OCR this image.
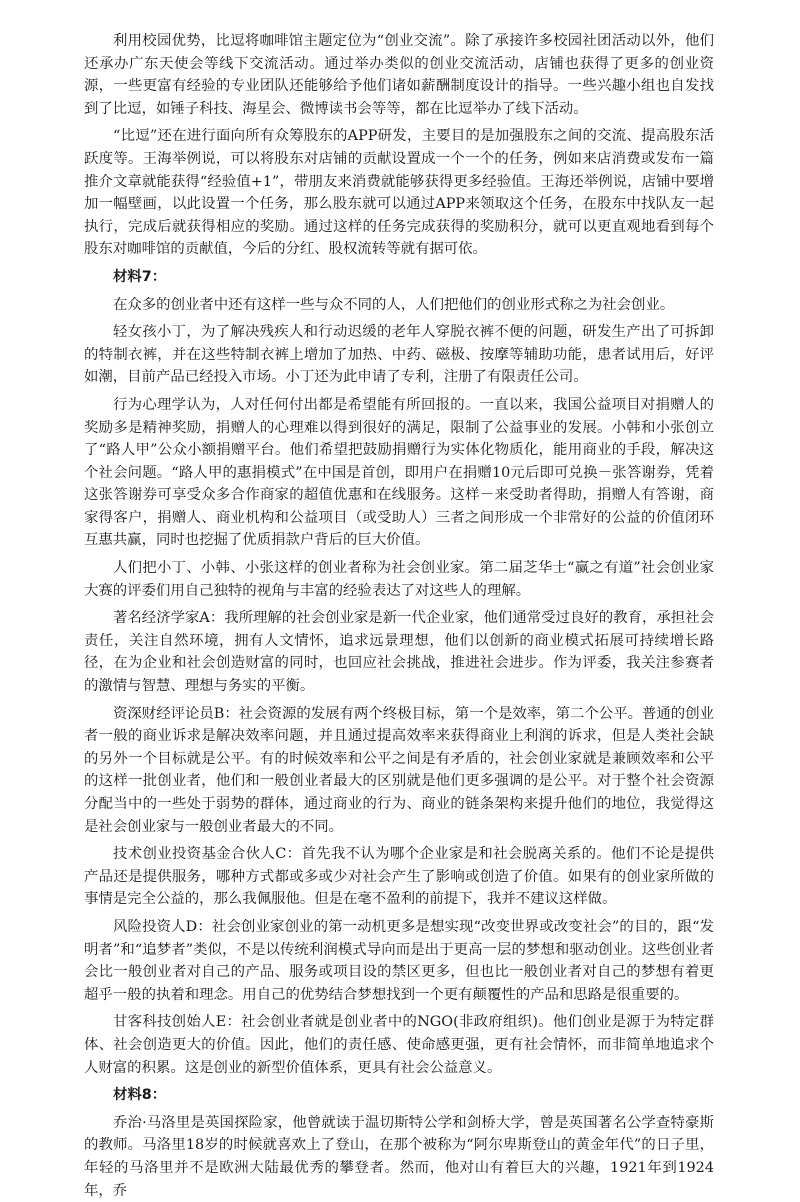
利用校园优势，比逗将咖啡馆主题定位为“创业交流”。除了承接许多校园社团活动以外，他们还承办广东天使会等线下交流活动。通过举办类似的创业交流活动，店铺也获得了更多的创业资源，一些更富有经验的专业团队还能够给予他们诸如薪酬制度设计的指导。一些兴趣小组也自发找到了比逗，如锤子科技、海星会、微博读书会等等，都在比逗举办了线下活动。

“比逗”还在进行面向所有众筹股东的APP研发，主要目的是加强股东之间的交流、提高股东活跃度等。王海举例说，可以将股东对店铺的贡献设置成一个一个的任务，例如来店消费或发布一篇推介文章就能获得“经验值+1”，带朋友来消费就能够获得更多经验值。王海还举例说，店铺中要增加一幅壁画，以此设置一个任务，那么股东就可以通过APP来领取这个任务，在股东中找队友一起执行，完成后就获得相应的奖励。通过这样的任务完成获得的奖励积分，就可以更直观地看到每个股东对咖啡馆的贡献值，今后的分红、股权流转等就有据可依。

材料7：

在众多的创业者中还有这样一些与众不同的人，人们把他们的创业形式称之为社会创业。

轻女孩小丁，为了解决残疾人和行动迟缓的老年人穿脱衣裤不便的问题，研发生产出了可拆卸的特制衣裤，并在这些特制衣裤上增加了加热、中药、磁极、按摩等辅助功能，患者试用后，好评如潮，目前产品已经投入市场。小丁还为此申请了专利，注册了有限责任公司。

行为心理学认为，人对任何付出都是希望能有所回报的。一直以来，我国公益项目对捐赠人的奖励多是精神奖励，捐赠人的心理难以得到很好的满足，限制了公益事业的发展。小韩和小张创立了“路人甲”公众小额捐赠平台。他们希望把鼓励捐赠行为实体化物质化，能用商业的手段，解决这个社会问题。“路人甲的惠捐模式”在中国是首创，即用户在捐赠10元后即可兑换－张答谢券，凭着这张答谢券可享受众多合作商家的超值优惠和在线服务。这样－来受助者得助，捐赠人有答谢，商家得客户，捐赠人、商业机构和公益项目（或受助人）三者之间形成一个非常好的公益的价值闭环互惠共赢，同时也挖掘了优质捐款户背后的巨大价值。

人们把小丁、小韩、小张这样的创业者称为社会创业家。第二届芝华士“赢之有道”社会创业家大赛的评委们用自己独特的视角与丰富的经验表达了对这些人的理解。

著名经济学家A：我所理解的社会创业家是新一代企业家，他们通常受过良好的教育，承担社会责任，关注自然环境，拥有人文情怀，追求远景理想，他们以创新的商业模式拓展可持续增长路径，在为企业和社会创造财富的同时，也回应社会挑战，推进社会进步。作为评委，我关注参赛者的激情与智慧、理想与务实的平衡。

资深财经评论员B：社会资源的发展有两个终极目标，第一个是效率，第二个公平。普通的创业者一般的商业诉求是解决效率问题，并且通过提高效率来获得商业上利润的诉求，但是人类社会缺的另外一个目标就是公平。有的时候效率和公平之间是有矛盾的，社会创业家就是兼顾效率和公平的这样一批创业者，他们和一般创业者最大的区别就是他们更多强调的是公平。对于整个社会资源分配当中的一些处于弱势的群体，通过商业的行为、商业的链条架构来提升他们的地位，我觉得这是社会创业家与一般创业者最大的不同。

技术创业投资基金合伙人C：首先我不认为哪个企业家是和社会脱离关系的。他们不论是提供产品还是提供服务，哪种方式都或多或少对社会产生了影响或创造了价值。如果有的创业家所做的事情是完全公益的，那么我佩服他。但是在毫不盈利的前提下，我并不建议这样做。

风险投资人D：社会创业家创业的第一动机更多是想实现“改变世界或改变社会”的目的，跟“发明者”和“追梦者”类似，不是以传统利润模式导向而是出于更高一层的梦想和驱动创业。这些创业者会比一般创业者对自己的产品、服务或项目设的禁区更多，但也比一般创业者对自己的梦想有着更超乎一般的执着和理念。用自己的优势结合梦想找到一个更有颠覆性的产品和思路是很重要的。

甘客科技创始人E：社会创业者就是创业者中的NGO(非政府组织)。他们创业是源于为特定群体、社会创造更大的价值。因此，他们的责任感、使命感更强，更有社会情怀，而非简单地追求个人财富的积累。这是创业的新型价值体系，更具有社会公益意义。

材料8：

乔治·马洛里是英国探险家，他曾就读于温切斯特公学和剑桥大学，曾是英国著名公学查特豪斯的教师。马洛里18岁的时候就喜欢上了登山，在那个被称为“阿尔卑斯登山的黄金年代”的日子里，年轻的马洛里并不是欧洲大陆最优秀的攀登者。然而，他对山有着巨大的兴趣，1921年到1924年，乔
